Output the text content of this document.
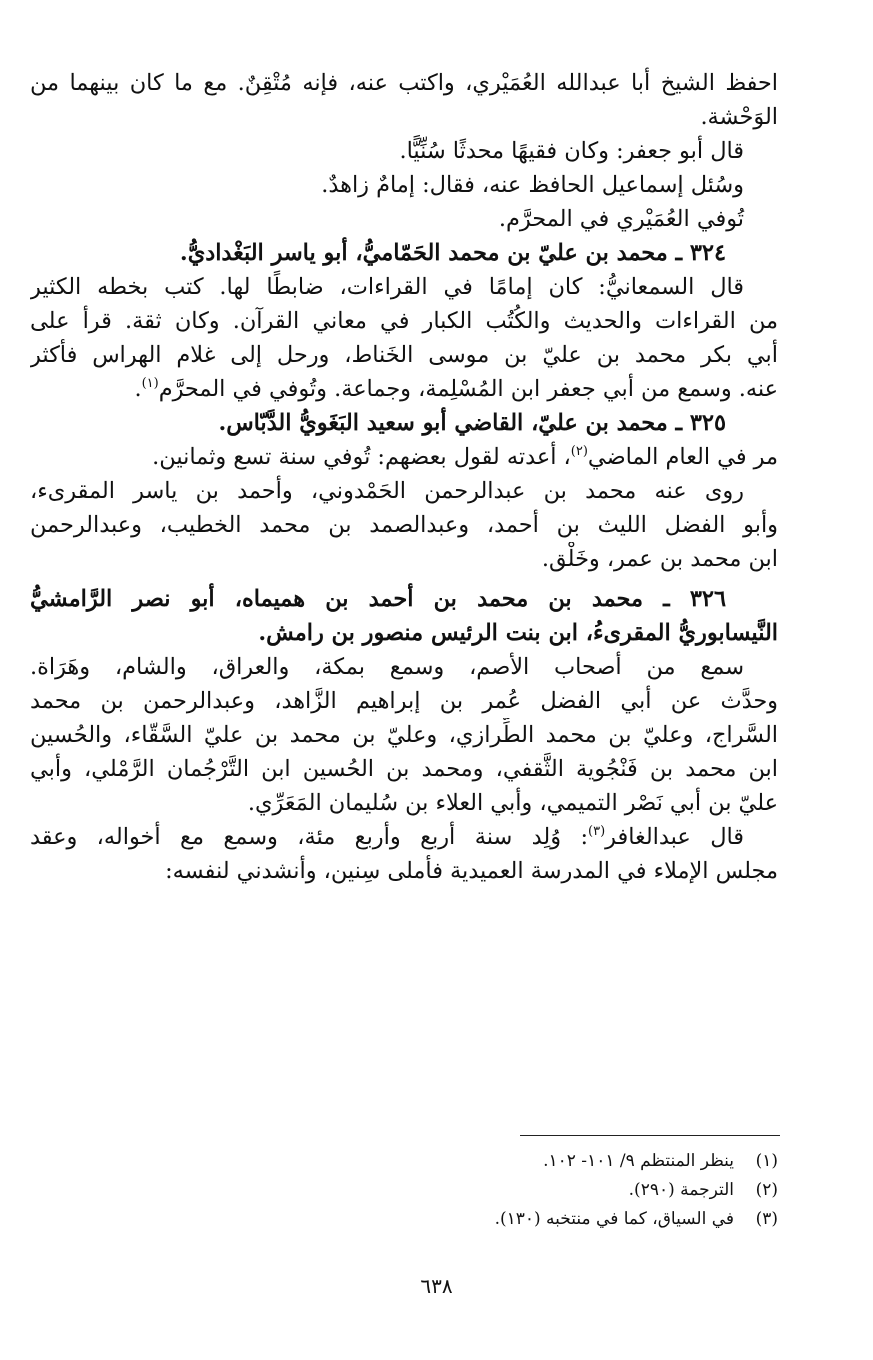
احفظ الشيخ أبا عبدالله العُمَيْري، واكتب عنه، فإنه مُتْقِنٌ. مع ما كان بينهما من
الوَحْشة.
قال أبو جعفر: وكان فقيهًا محدثًا سُنِّيًّا.
وسُئل إسماعيل الحافظ عنه، فقال: إمامٌ زاهدٌ.
تُوفي العُمَيْري في المحرَّم.
٣٢٤ ـ محمد بن عليّ بن محمد الحَمّاميُّ، أبو ياسر البَغْداديُّ.
قال السمعانيُّ: كان إمامًا في القراءات، ضابطًا لها. كتب بخطه الكثير
من القراءات والحديث والكُتُب الكبار في معاني القرآن. وكان ثقة. قرأ على
أبي بكر محمد بن عليّ بن موسى الخَناط، ورحل إلى غلام الهراس فأكثر
عنه. وسمع من أبي جعفر ابن المُسْلِمة، وجماعة. وتُوفي في المحرَّم$^{(١)}$.
٣٢٥ ـ محمد بن عليّ، القاضي أبو سعيد البَغَويُّ الدَّبّاس.
مر في العام الماضي$^{(٢)}$، أعدته لقول بعضهم: تُوفي سنة تسع وثمانين.
روى عنه محمد بن عبدالرحمن الحَمْدوني، وأحمد بن ياسر المقرىء،
وأبو الفضل الليث بن أحمد، وعبدالصمد بن محمد الخطيب، وعبدالرحمن
ابن محمد بن عمر، وخَلْق.
٣٢٦ ـ محمد بن محمد بن أحمد بن هميماه، أبو نصر الرَّامشيُّ
النَّيسابوريُّ المقرىءُ، ابن بنت الرئيس منصور بن رامش.
سمع من أصحاب الأصم، وسمع بمكة، والعراق، والشام، وهَرَاة.
وحدَّث عن أبي الفضل عُمر بن إبراهيم الزَّاهد، وعبدالرحمن بن محمد
السَّراج، وعليّ بن محمد الطِّرازي، وعليّ بن محمد بن عليّ السَّقّاء، والحُسين
ابن محمد بن فَنْجُوية الثَّقفي، ومحمد بن الحُسين ابن التَّرْجُمان الرَّمْلي، وأبي
عليّ بن أبي نَصْر التميمي، وأبي العلاء بن سُليمان المَعَرِّي.
قال عبدالغافر$^{(٣)}$: وُلِد سنة أربع وأربع مئة، وسمع مع أخواله، وعقد
مجلس الإملاء في المدرسة العميدية فأملى سِنين، وأنشدني لنفسه:
(١)ينظر المنتظم ٩/ ١٠١- ١٠٢.
(٢)الترجمة (٢٩٠).
(٣)في السياق، كما في منتخبه (١٣٠).
٦٣٨
